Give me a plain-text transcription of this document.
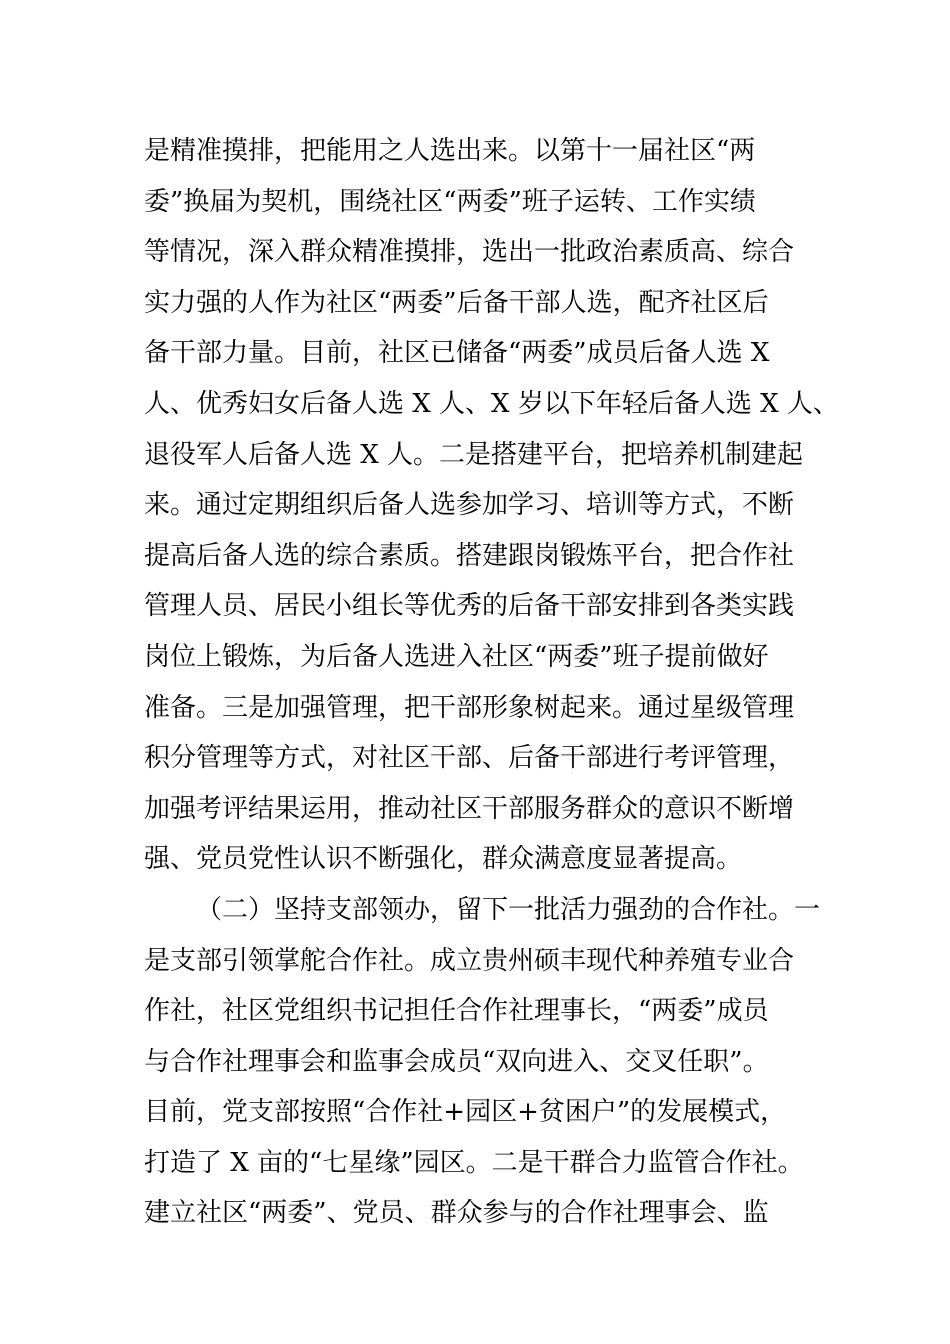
是精准摸排，把能用之人选出来。以第十一届社区“两
委”换届为契机，围绕社区“两委”班子运转、工作实绩
等情况，深入群众精准摸排，选出一批政治素质高、综合
实力强的人作为社区“两委”后备干部人选，配齐社区后
备干部力量。目前，社区已储备“两委”成员后备人选 X
人、优秀妇女后备人选 X 人、X 岁以下年轻后备人选 X 人、
退役军人后备人选 X 人。二是搭建平台，把培养机制建起
来。通过定期组织后备人选参加学习、培训等方式，不断
提高后备人选的综合素质。搭建跟岗锻炼平台，把合作社
管理人员、居民小组长等优秀的后备干部安排到各类实践
岗位上锻炼，为后备人选进入社区“两委”班子提前做好
准备。三是加强管理，把干部形象树起来。通过星级管理
积分管理等方式，对社区干部、后备干部进行考评管理，
加强考评结果运用，推动社区干部服务群众的意识不断增
强、党员党性认识不断强化，群众满意度显著提高。
（二）坚持支部领办，留下一批活力强劲的合作社。一
是支部引领掌舵合作社。成立贵州硕丰现代种养殖专业合
作社，社区党组织书记担任合作社理事长，“两委”成员
与合作社理事会和监事会成员“双向进入、交叉任职”。
目前，党支部按照“合作社+园区+贫困户”的发展模式，
打造了 X 亩的“七星缘”园区。二是干群合力监管合作社。
建立社区“两委”、党员、群众参与的合作社理事会、监
